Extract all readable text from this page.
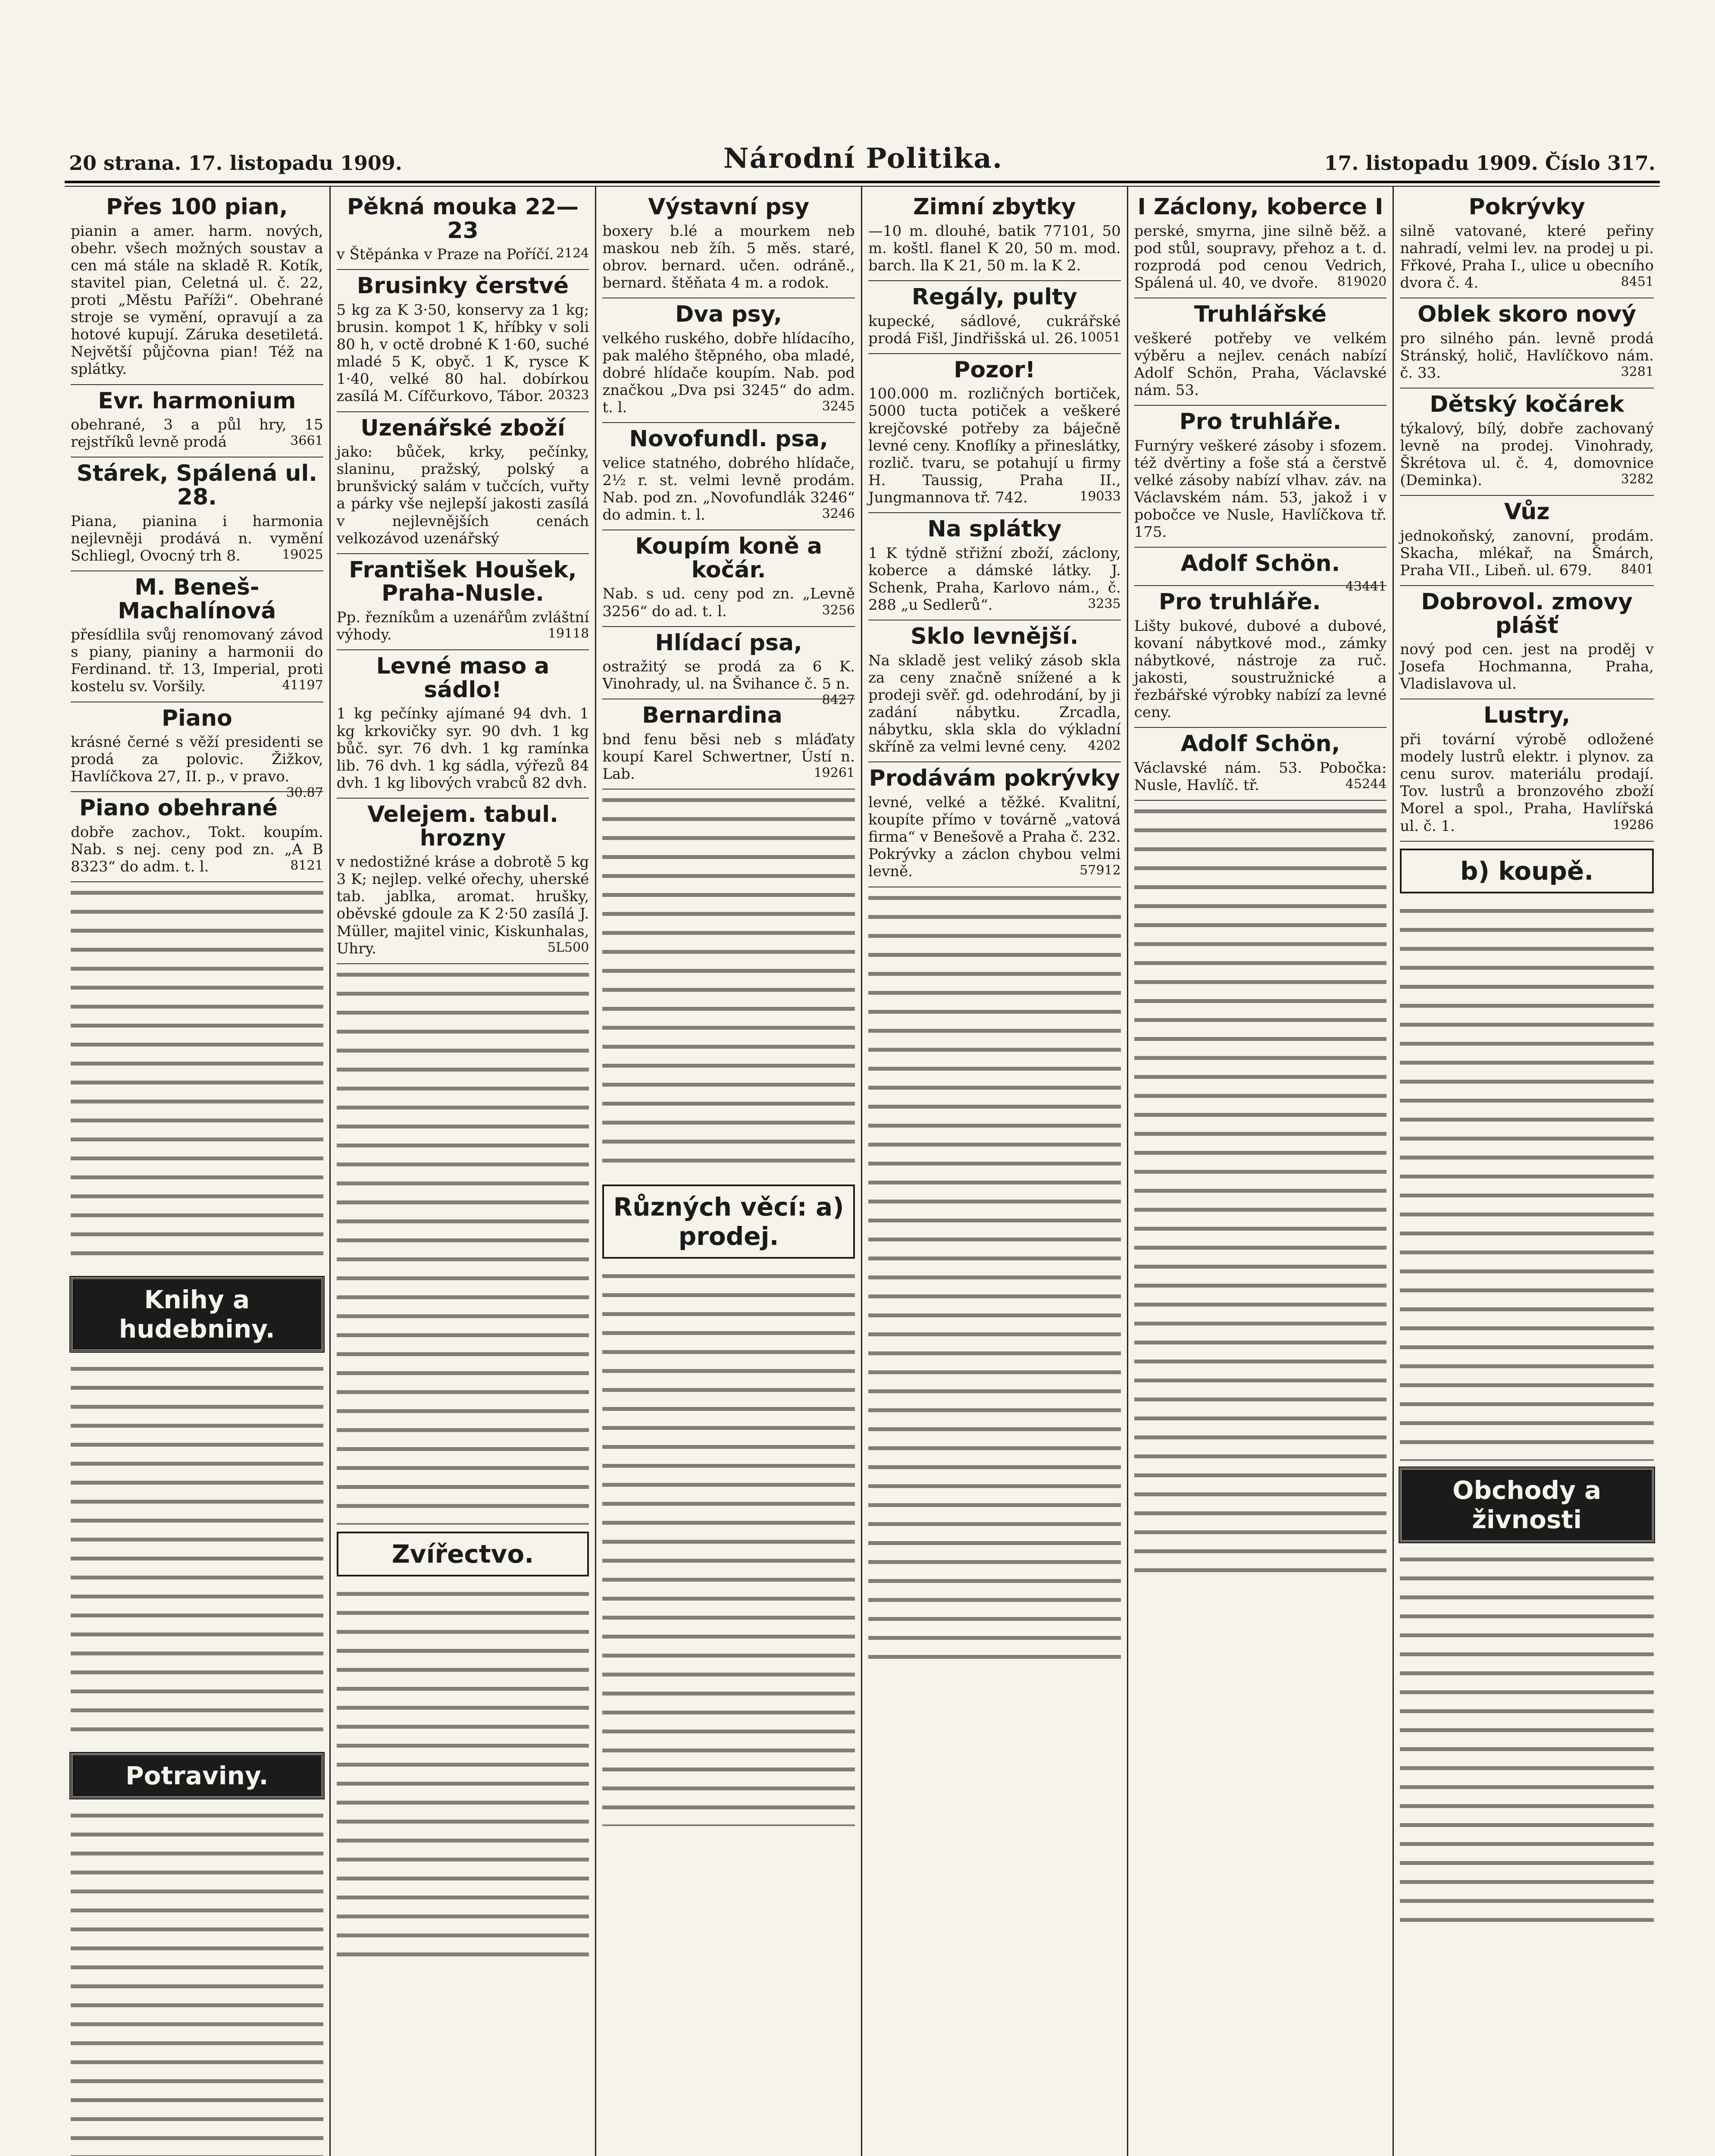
20 strana. 17. listopadu 1909.	Národní Politika.	17. listopadu 1909. Číslo 317.
Přes 100 pian,
pianin a amer. harm. nových, obehr. všech možných soustav a cen má stále na skladě R. Kotík, stavitel pian, Celetná ul. č. 22, proti „Městu Paříži“. Obehrané stroje se vymění, opravují a za hotové kupují. Záruka desetiletá. Největší půjčovna pian! Též na splátky.
Evr. harmonium
obehrané, 3 a půl hry, 15 rejstříků levně prodá	3661
Stárek, Spálená ul. 28.
Piana, pianina i harmonia nejlevněji prodává n. vymění Schliegl, Ovocný trh 8.	19025
M. Beneš-Machalínová
přesídlila svůj renomovaný závod s piany, pianiny a harmonii do Ferdinand. tř. 13, Imperial, proti kostelu sv. Voršily.	41197
Piano
krásné černé s věží presidenti se prodá za polovic. Žižkov, Havlíčkova 27, II. p., v pravo.
30.87
Piano obehrané
dobře zachov., Tokt. koupím. Nab. s nej. ceny pod zn. „A B 8323“ do adm. t. l.	8121
Knihy a hudebniny.
Potraviny.
Pěkná mouka 22—23
v Štěpánka v Praze na Poříčí. 2124
Brusinky čerstvé
5 kg za K 3·50, konservy za 1 kg; brusin. kompot 1 K, hříbky v soli 80 h, v octě drobné K 1·60, suché mladé 5 K, obyč. 1 K, rysce K 1·40, velké 80 hal. dobírkou zasílá M. Cífčurkovo, Tábor. 20323
Uzenářské zboží
jako: bůček, krky, pečínky, slaninu, pražský, polský a brunšvický salám v tučcích, vuřty a párky vše nejlepší jakosti zasílá v nejlevnějších cenách velkozávod uzenářský
František Houšek, Praha-Nusle.
Pp. řezníkům a uzenářům zvláštní výhody.	19118
Levné maso a sádlo!
1 kg pečínky ajímané 94 dvh. 1 kg krkovičky syr. 90 dvh. 1 kg bůč. syr. 76 dvh. 1 kg ramínka lib. 76 dvh. 1 kg sádla, výřezů 84 dvh. 1 kg libových vrabců 82 dvh.
Velejem. tabul. hrozny
v nedostižné kráse a dobrotě 5 kg 3 K; nejlep. velké ořechy, uherské tab. jablka, aromat. hrušky, oběvské gdoule za K 2·50 zasílá J. Müller, majitel vinic, Kiskunhalas, Uhry.	5L500
Zvířectvo.
Výstavní psy
boxery b.lé a mourkem neb maskou neb žíh. 5 měs. staré, obrov. bernard. učen. odráně., bernard. štěňata 4 m. a rodok.
Dva psy,
velkého ruského, dobře hlídacího, pak malého štěpného, oba mladé, dobré hlídače koupím. Nab. pod značkou „Dva psi 3245“ do adm. t. l.	3245
Novofundl. psa,
velice statného, dobrého hlídače, 2½ r. st. velmi levně prodám. Nab. pod zn. „Novofundlák 3246“ do admin. t. l.	3246
Koupím koně a kočár.
Nab. s ud. ceny pod zn. „Levně 3256“ do ad. t. l.	3256
Hlídací psa,
ostražitý se prodá za 6 K. Vinohrady, ul. na Švihance č. 5 n.
8427
Bernardina
bnd fenu běsi neb s mláďaty koupí Karel Schwertner, Ústí n. Lab.	19261
Různých věcí: a) prodej.
Zimní zbytky
—10 m. dlouhé, batik 77101, 50 m. koštl. flanel K 20, 50 m. mod. barch. lla K 21, 50 m. la K 2.
Regály, pulty
kupecké, sádlové, cukrářské prodá Fišl, Jindřišská ul. 26. 10051
Pozor!
100.000 m. rozličných bortiček, 5000 tucta potiček a veškeré krejčovské potřeby za báječně levné ceny. Knoflíky a přineslátky, rozlič. tvaru, se potahují u firmy H. Taussig, Praha II., Jungmannova tř. 742.	19033
Na splátky
1 K týdně střižní zboží, záclony, koberce a dámské látky. J. Schenk, Praha, Karlovo nám., č. 288 „u Sedlerů“.	3235
Sklo levnější.
Na skladě jest veliký zásob skla za ceny značně snížené a k prodeji svěř. gd. odehrodání, by ji zadání nábytku. Zrcadla, nábytku, skla skla do výkladní skříně za velmi levné ceny. 4202
Prodávám pokrývky
levné, velké a těžké. Kvalitní, koupíte přímo v továrně „vatová firma“ v Benešově a Praha č. 232. Pokrývky a záclon chybou velmi levně.	57912
I Záclony, koberce I
perské, smyrna, jine silně běž. a pod stůl, soupravy, přehoz a t. d. rozprodá pod cenou Vedrich, Spálená ul. 40, ve dvoře. 819020
Truhlářské
veškeré potřeby ve velkém výběru a nejlev. cenách nabízí Adolf Schön, Praha, Václavské nám. 53.
Pro truhláře.
Furnýry veškeré zásoby i sfozem. též dvěrtiny a foše stá a čerstvě velké zásoby nabízí vlhav. záv. na Václavském nám. 53, jakož i v pobočce ve Nusle, Havlíčkova tř. 175.
Adolf Schön.
43441
Pro truhláře.
Lišty bukové, dubové a dubové, kovaní nábytkové mod., zámky nábytkové, nástroje za ruč. jakosti, soustružnické a řezbářské výrobky nabízí za levné ceny.
Adolf Schön,
Václavské nám. 53. Pobočka: Nusle, Havlíč. tř.	45244
Pokrývky
silně vatované, které peřiny nahradí, velmi lev. na prodej u pi. Fřkové, Praha I., ulice u obecního dvora č. 4.	8451
Oblek skoro nový
pro silného pán. levně prodá Stránský, holič, Havlíčkovo nám. č. 33.	3281
Dětský kočárek
týkalový, bílý, dobře zachovaný levně na prodej. Vinohrady, Škrétova ul. č. 4, domovnice (Deminka).	3282
Vůz
jednokoňský, zanovní, prodám. Skacha, mlékař, na Šmárch, Praha VII., Libeň. ul. 679. 8401
Dobrovol. zmovy plášť
nový pod cen. jest na proděj v Josefa Hochmanna, Praha, Vladislavova ul.
Lustry,
při tovární výrobě odložené modely lustrů elektr. i plynov. za cenu surov. materiálu prodají. Tov. lustrů a bronzového zboží Morel a spol., Praha, Havlířská ul. č. 1.	19286
b) koupě.
Obchody a živnosti
